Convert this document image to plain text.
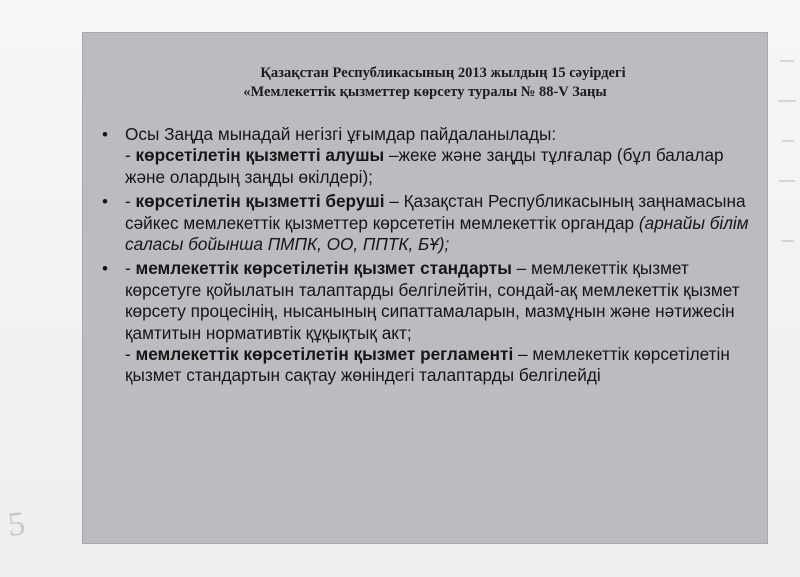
​
Қазақстан Республикасының 2013 жылдың 15 сәуірдегі
«Мемлекеттік қызметтер көрсету туралы № 88-V Заңы
• Осы Заңда мынадай негізгі ұғымдар пайдаланылады:
- көрсетілетін қызметті алушы –жеке және заңды тұлғалар (бұл балалар және олардың заңды өкілдері);
• - көрсетілетін қызметті беруші – Қазақстан Республикасының заңнамасына сәйкес мемлекеттік қызметтер көрсететін мемлекеттік органдар (арнайы білім саласы бойынша ПМПК, ОО, ППТК, БҰ);
• - мемлекеттік көрсетілетін қызмет стандарты – мемлекеттік қызмет көрсетуге қойылатын талаптарды белгілейтін, сондай-ақ мемлекеттік қызмет көрсету процесінің, нысанының сипаттамаларын, мазмұнын және нәтижесін қамтитын нормативтік құқықтық акт;
- мемлекеттік көрсетілетін қызмет регламенті – мемлекеттік көрсетілетін қызмет стандартын сақтау жөніндегі талаптарды белгілейді
5
